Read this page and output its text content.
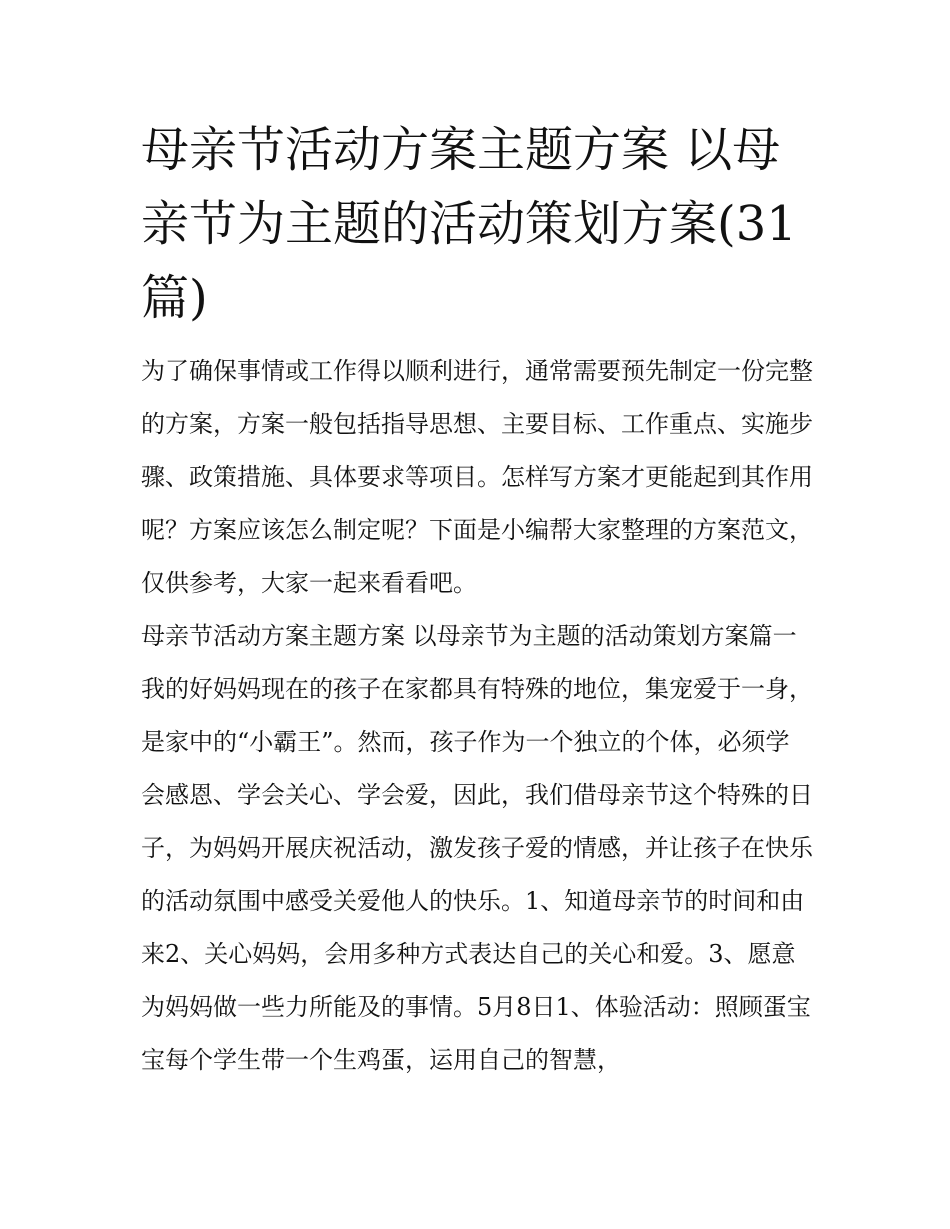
母亲节活动方案主题方案 以母亲节为主题的活动策划方案(31篇)

为了确保事情或工作得以顺利进行，通常需要预先制定一份完整的方案，方案一般包括指导思想、主要目标、工作重点、实施步骤、政策措施、具体要求等项目。怎样写方案才更能起到其作用呢？方案应该怎么制定呢？下面是小编帮大家整理的方案范文，仅供参考，大家一起来看看吧。

母亲节活动方案主题方案 以母亲节为主题的活动策划方案篇一

我的好妈妈现在的孩子在家都具有特殊的地位，集宠爱于一身，是家中的“小霸王”。然而，孩子作为一个独立的个体，必须学会感恩、学会关心、学会爱，因此，我们借母亲节这个特殊的日子，为妈妈开展庆祝活动，激发孩子爱的情感，并让孩子在快乐的活动氛围中感受关爱他人的快乐。1、知道母亲节的时间和由来2、关心妈妈，会用多种方式表达自己的关心和爱。3、愿意为妈妈做一些力所能及的事情。5月8日1、体验活动：照顾蛋宝宝每个学生带一个生鸡蛋，运用自己的智慧，
